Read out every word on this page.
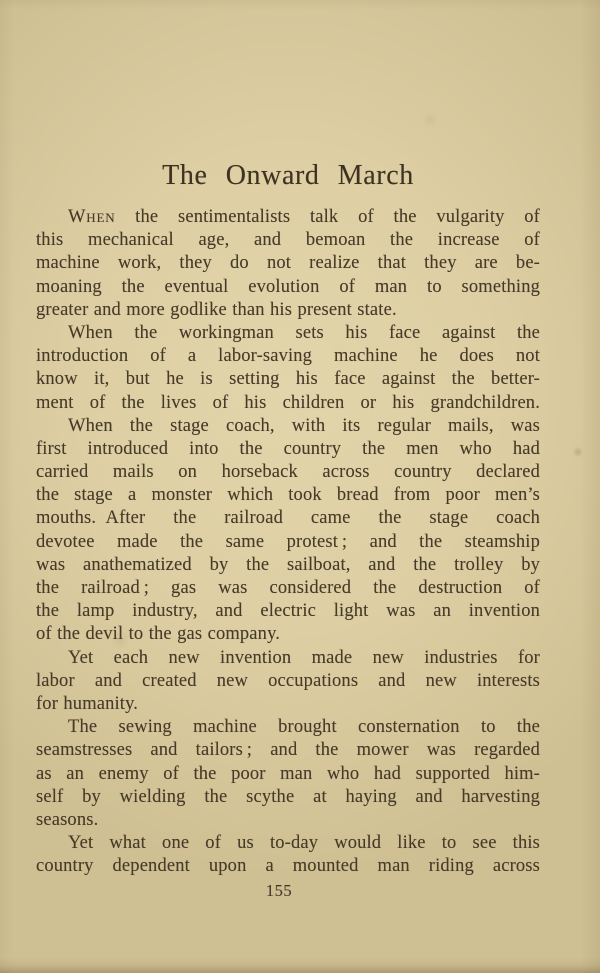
The Onward March
When the sentimentalists talk of the vulgarity of
this mechanical age, and bemoan the increase of
machine work, they do not realize that they are be-
moaning the eventual evolution of man to something
greater and more godlike than his present state.
When the workingman sets his face against the
introduction of a labor-saving machine he does not
know it, but he is setting his face against the better-
ment of the lives of his children or his grandchildren.
When the stage coach, with its regular mails, was
first introduced into the country the men who had
carried mails on horseback across country declared
the stage a monster which took bread from poor men’s
mouths. After the railroad came the stage coach
devotee made the same protest ; and the steamship
was anathematized by the sailboat, and the trolley by
the railroad ; gas was considered the destruction of
the lamp industry, and electric light was an invention
of the devil to the gas company.
Yet each new invention made new industries for
labor and created new occupations and new interests
for humanity.
The sewing machine brought consternation to the
seamstresses and tailors ; and the mower was regarded
as an enemy of the poor man who had supported him-
self by wielding the scythe at haying and harvesting
seasons.
Yet what one of us to-day would like to see this
country dependent upon a mounted man riding across
155
